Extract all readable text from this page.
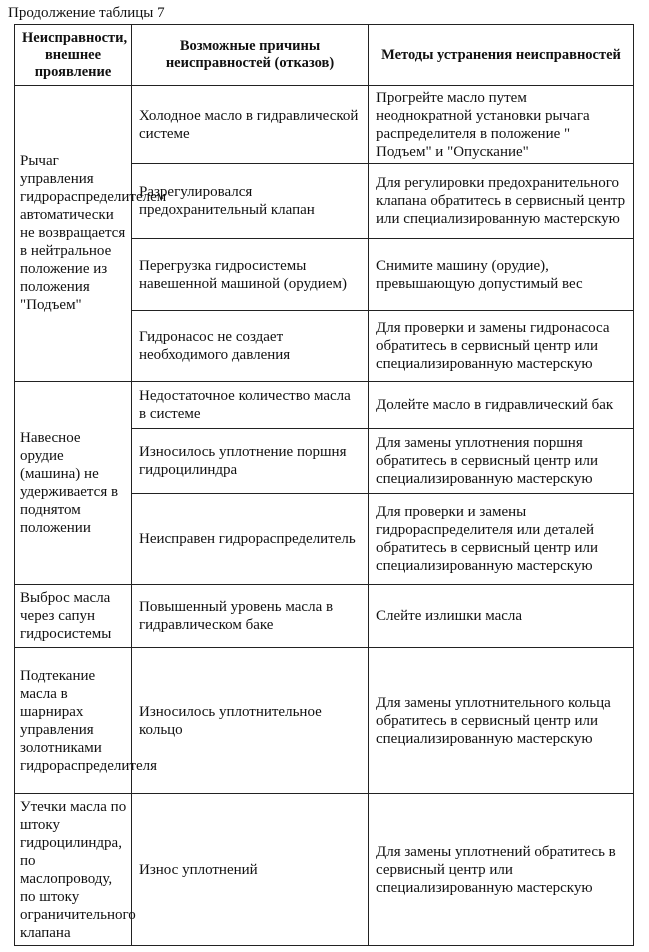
Продолжение таблицы 7
Неисправности, внешнее проявление	Возможные причины неисправностей (отказов)	Методы устранения неисправностей
Рычаг управления гидрораспределителем автоматически не возвращается в нейтральное положение из положения "Подъем"	Холодное масло в гидравлической системе	Прогрейте масло путем неоднократной установки рычага распределителя в положение " Подъем" и "Опускание"
	Разрегулировался предохранительный клапан	Для регулировки предохранительного клапана обратитесь в сервисный центр или специализированную мастерскую
	Перегрузка гидросистемы навешенной машиной (орудием)	Снимите машину (орудие), превышающую допустимый вес
	Гидронасос не создает необходимого давления	Для проверки и замены гидронасоса обратитесь в сервисный центр или специализированную мастерскую
Навесное орудие (машина) не удерживается в поднятом положении	Недостаточное количество масла в системе	Долейте масло в гидравлический бак
	Износилось уплотнение поршня гидроцилиндра	Для замены уплотнения поршня обратитесь в сервисный центр или специализированную мастерскую
	Неисправен гидрораспределитель	Для проверки и замены гидрораспределителя или деталей обратитесь в сервисный центр или специализированную мастерскую
Выброс масла через сапун гидросистемы	Повышенный уровень масла в гидравлическом баке	Слейте излишки масла
Подтекание масла в шарнирах управления золотниками гидрораспределителя	Износилось уплотнительное кольцо	Для замены уплотнительного кольца обратитесь в сервисный центр или специализированную мастерскую
Утечки масла по штоку гидроцилиндра, по маслопроводу, по штоку ограничительного клапана	Износ уплотнений	Для замены уплотнений обратитесь в сервисный центр или специализированную мастерскую
